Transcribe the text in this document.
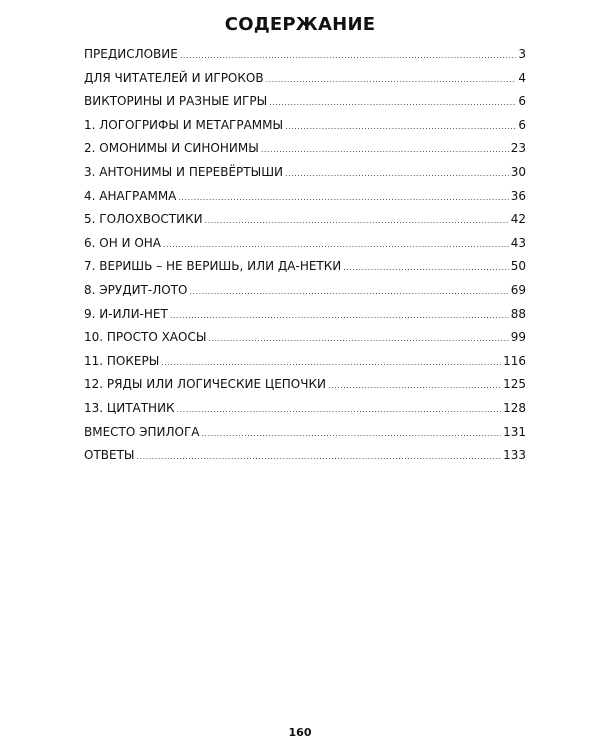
СОДЕРЖАНИЕ
ПРЕДИСЛОВИЕ .....	3
ДЛЯ ЧИТАТЕЛЕЙ И ИГРОКОВ .....	4
ВИКТОРИНЫ И РАЗНЫЕ ИГРЫ .....	6
1. ЛОГОГРИФЫ И МЕТАГРАММЫ .....	6
2. ОМОНИМЫ И СИНОНИМЫ .....	23
3. АНТОНИМЫ И ПЕРЕВЁРТЫШИ .....	30
4. АНАГРАММА .....	36
5. ГОЛОХВОСТИКИ .....	42
6. ОН И ОНА .....	43
7. ВЕРИШЬ – НЕ ВЕРИШЬ, ИЛИ ДА-НЕТКИ .....	50
8. ЭРУДИТ-ЛОТО .....	69
9. И-ИЛИ-НЕТ .....	88
10. ПРОСТО ХАОСЫ .....	99
11. ПОКЕРЫ .....	116
12. РЯДЫ ИЛИ ЛОГИЧЕСКИЕ ЦЕПОЧКИ .....	125
13. ЦИТАТНИК .....	128
ВМЕСТО ЭПИЛОГА .....	131
ОТВЕТЫ .....	133
160
